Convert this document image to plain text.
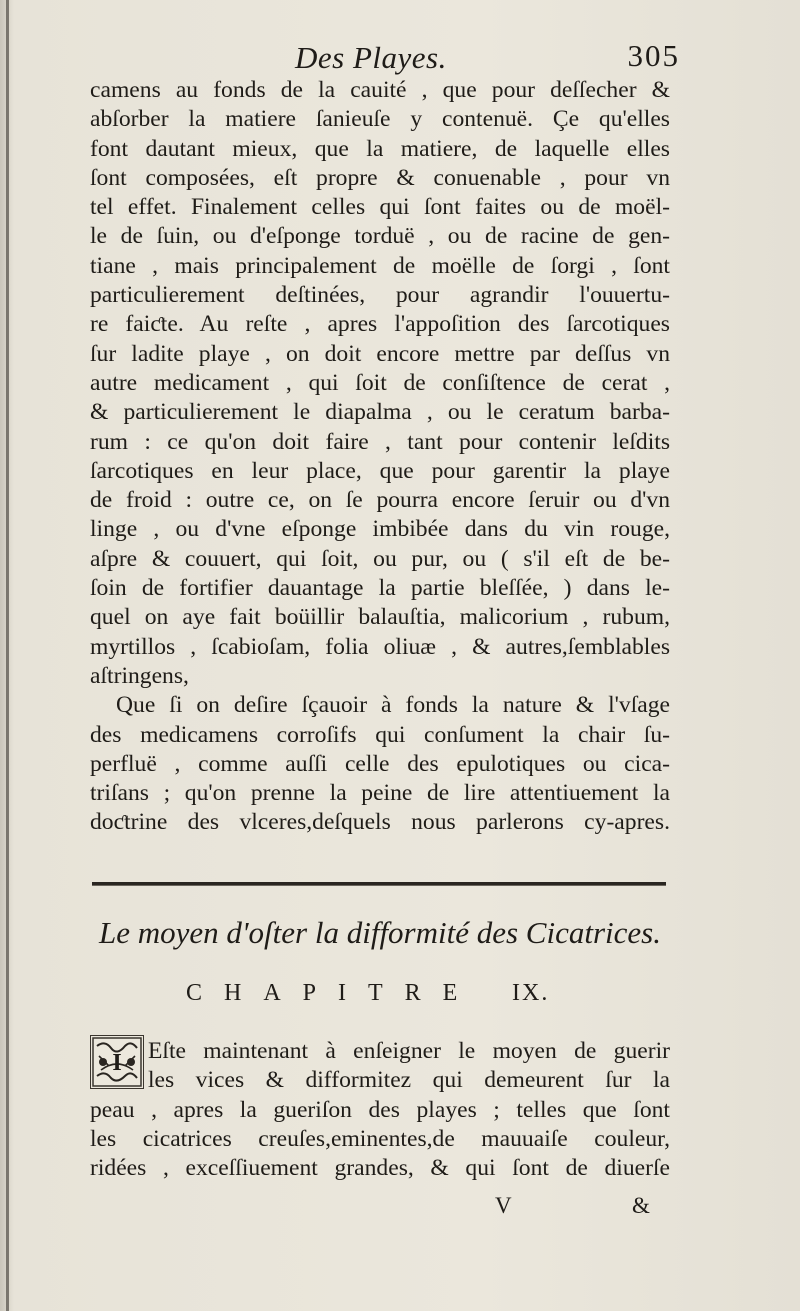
Des Playes.	305
camens au fonds de la cauité , que pour deſſecher &
abſorber la matiere ſanieuſe y contenuë. Çe qu'elles
font dautant mieux, que la matiere, de laquelle elles
ſont composées, eſt propre & conuenable , pour vn
tel effet. Finalement celles qui ſont faites ou de moël-
le de ſuin, ou d'eſponge torduë , ou de racine de gen-
tiane , mais principalement de moëlle de ſorgi , ſont
particulierement deſtinées, pour agrandir l'ouuertu-
re faiƈte. Au reſte , apres l'appoſition des ſarcotiques
ſur ladite playe , on doit encore mettre par deſſus vn
autre medicament , qui ſoit de conſiſtence de cerat ,
& particulierement le diapalma , ou le ceratum barba-
rum : ce qu'on doit faire , tant pour contenir leſdits
ſarcotiques en leur place, que pour garentir la playe
de froid : outre ce, on ſe pourra encore ſeruir ou d'vn
linge , ou d'vne eſponge imbibée dans du vin rouge,
aſpre & couuert, qui ſoit, ou pur, ou ( s'il eſt de be-
ſoin de fortifier dauantage la partie bleſſée, ) dans le-
quel on aye fait boüillir balauſtia, malicorium , rubum,
myrtillos , ſcabioſam, folia oliuæ , & autres,ſemblables
aſtringens,
Que ſi on deſire ſçauoir à fonds la nature & l'vſage
des medicamens corroſifs qui conſument la chair ſu-
perfluë , comme auſſi celle des epulotiques ou cica-
triſans ; qu'on prenne la peine de lire attentiuement la
doƈtrine des vlceres,deſquels nous parlerons cy-apres.
Le moyen d'oſter la difformité des Cicatrices.
CHAPITRE IX.
I	Eſte maintenant à enſeigner le moyen de guerir
les vices & difformitez qui demeurent ſur la
peau , apres la gueriſon des playes ; telles que ſont
les cicatrices creuſes,eminentes,de mauuaiſe couleur,
ridées , exceſſiuement grandes, & qui ſont de diuerſe
V	&
